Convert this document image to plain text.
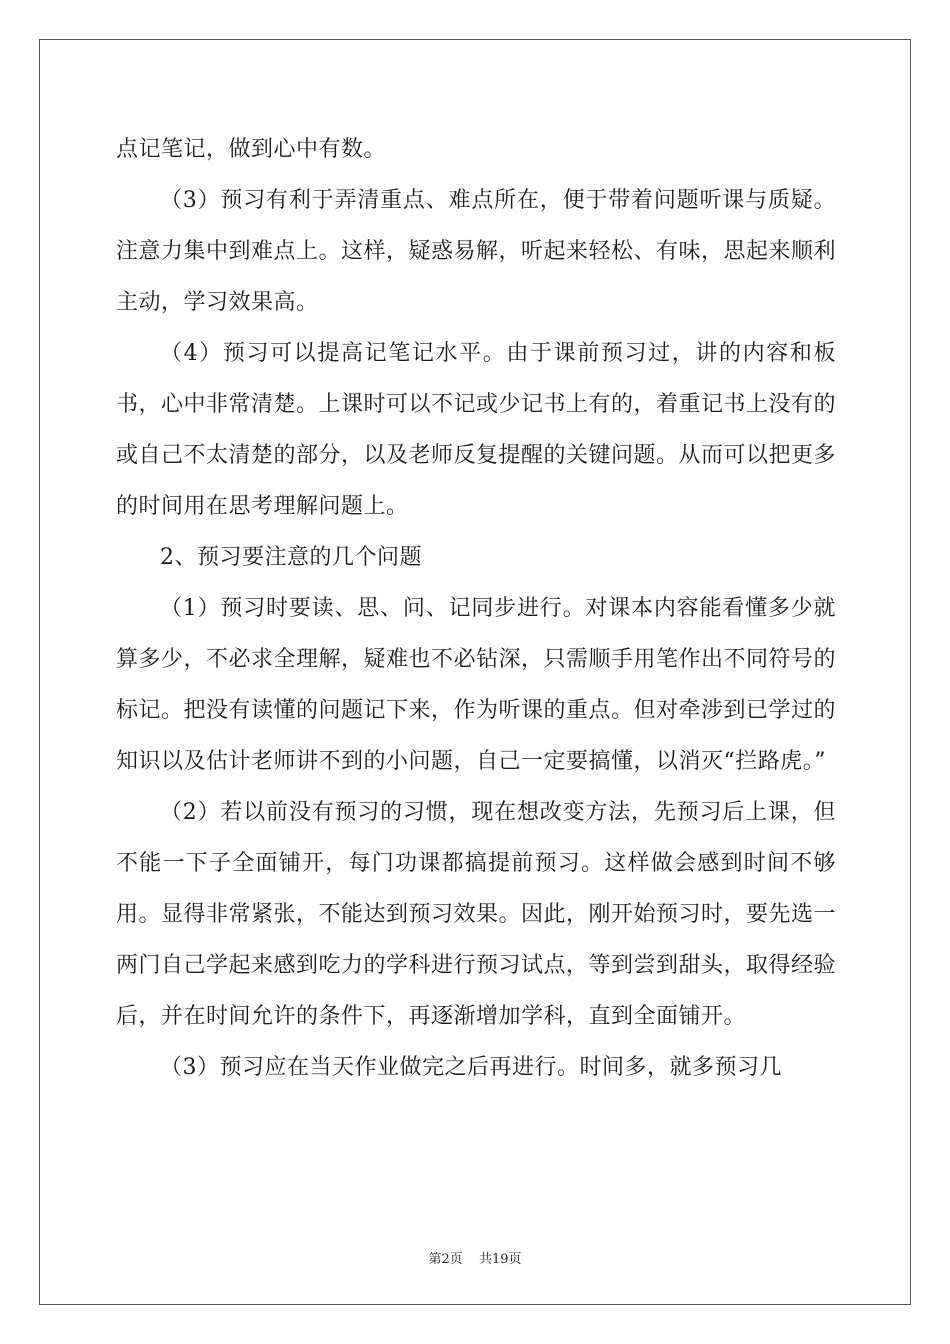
点记笔记，做到心中有数。

（3）预习有利于弄清重点、难点所在，便于带着问题听课与质疑。注意力集中到难点上。这样，疑惑易解，听起来轻松、有味，思起来顺利主动，学习效果高。

（4）预习可以提高记笔记水平。由于课前预习过，讲的内容和板书，心中非常清楚。上课时可以不记或少记书上有的，着重记书上没有的或自己不太清楚的部分，以及老师反复提醒的关键问题。从而可以把更多的时间用在思考理解问题上。

2、预习要注意的几个问题

（1）预习时要读、思、问、记同步进行。对课本内容能看懂多少就算多少，不必求全理解，疑难也不必钻深，只需顺手用笔作出不同符号的标记。把没有读懂的问题记下来，作为听课的重点。但对牵涉到已学过的知识以及估计老师讲不到的小问题，自己一定要搞懂，以消灭“拦路虎。”

（2）若以前没有预习的习惯，现在想改变方法，先预习后上课，但不能一下子全面铺开，每门功课都搞提前预习。这样做会感到时间不够用。显得非常紧张，不能达到预习效果。因此，刚开始预习时，要先选一两门自己学起来感到吃力的学科进行预习试点，等到尝到甜头，取得经验后，并在时间允许的条件下，再逐渐增加学科，直到全面铺开。

（3）预习应在当天作业做完之后再进行。时间多，就多预习几

第2页 共19页
